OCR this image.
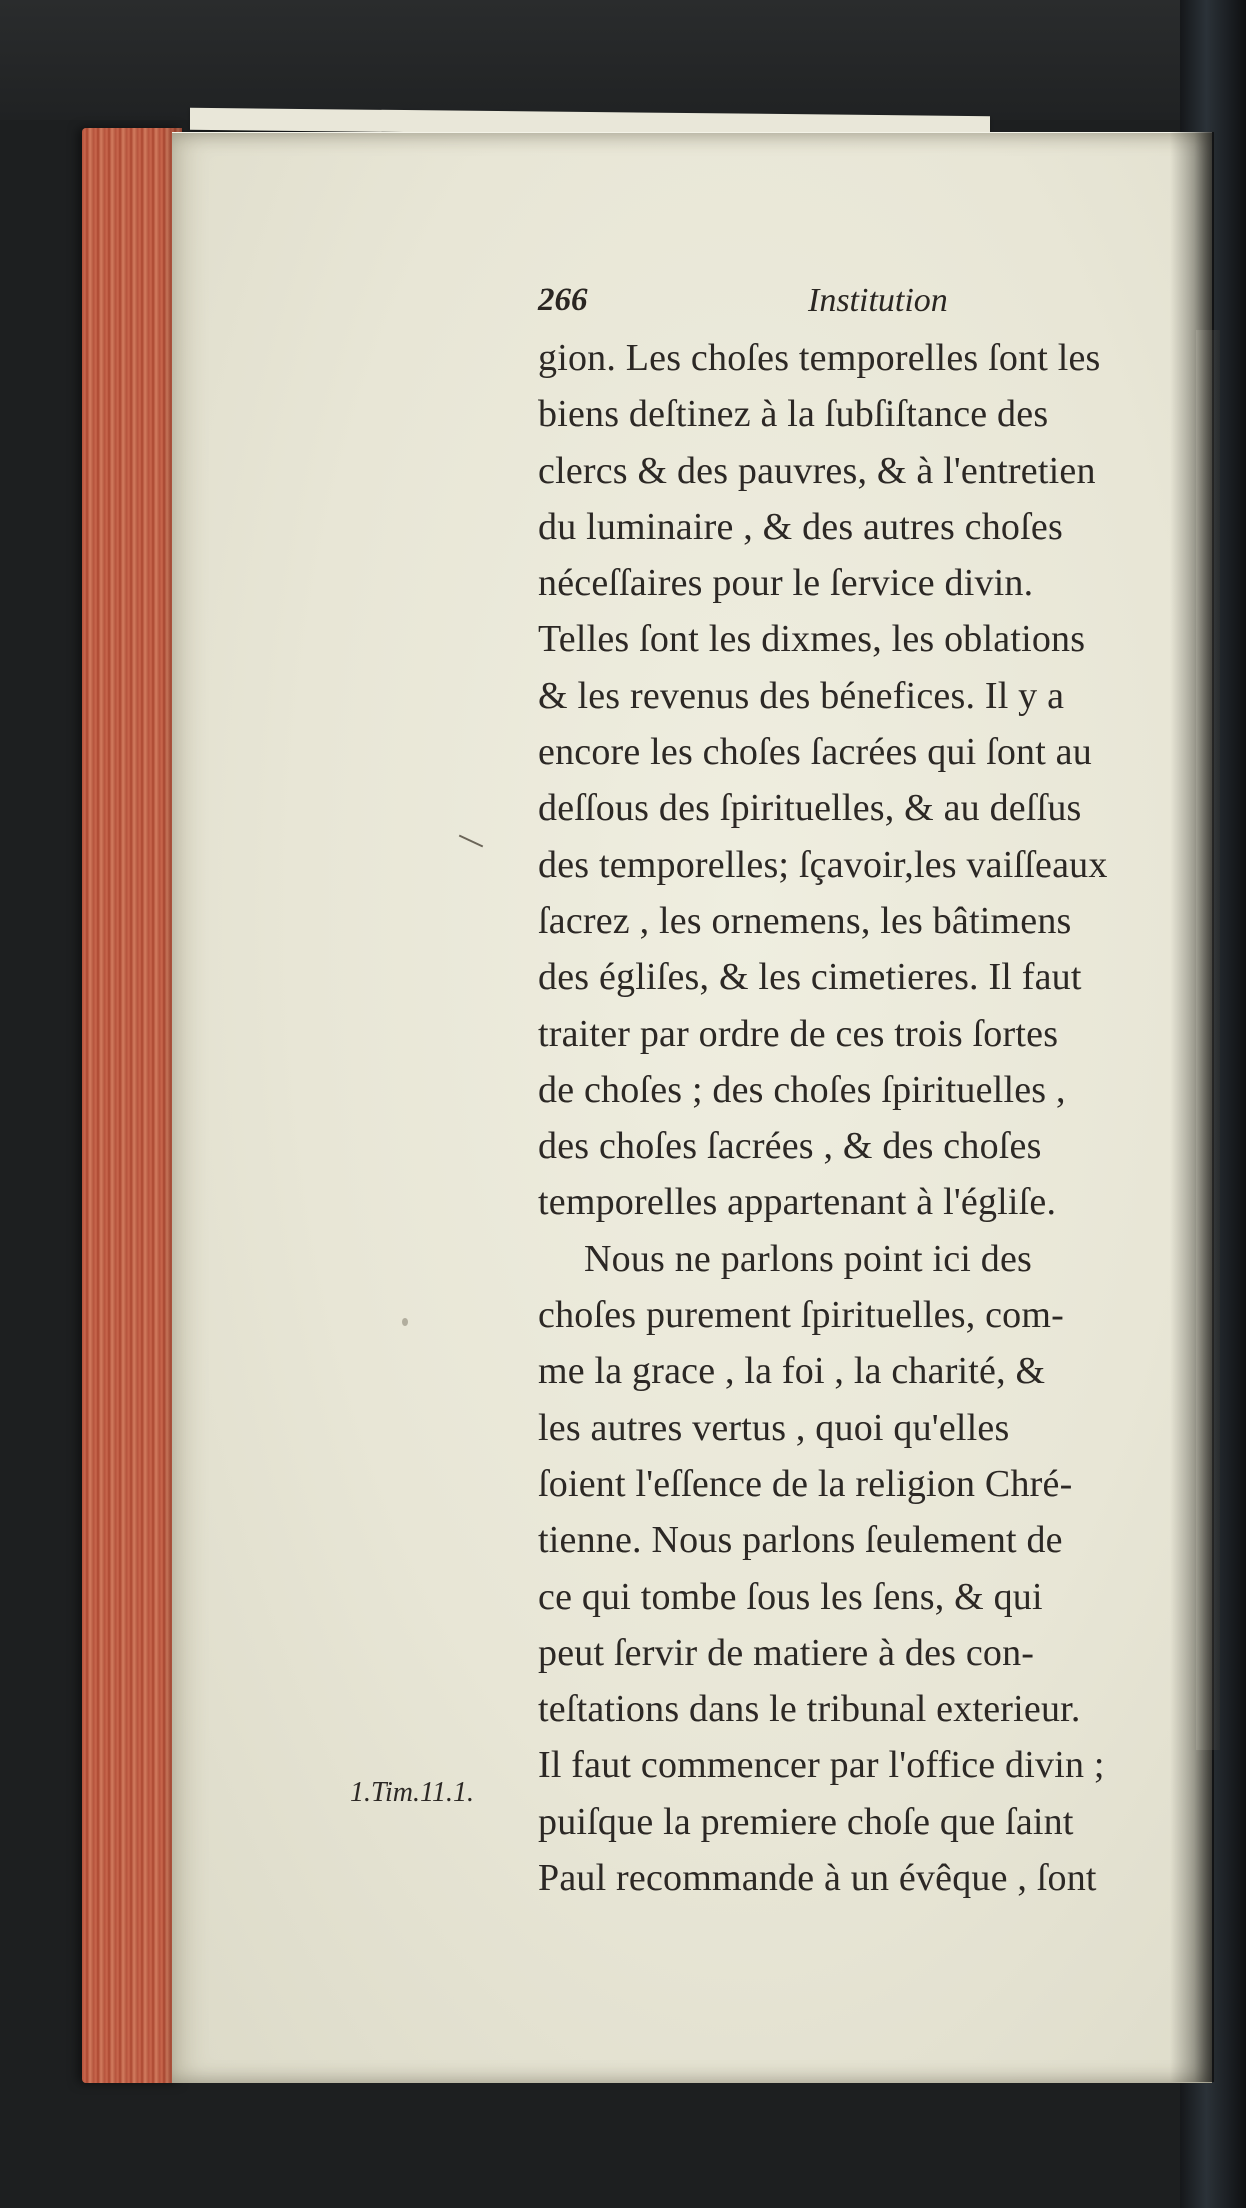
266	Institution
gion. Les choſes temporelles ſont les
biens deſtinez à la ſubſiſtance des
clercs & des pauvres, & à l'entretien
du luminaire , & des autres choſes
néceſſaires pour le ſervice divin.
Telles ſont les dixmes, les oblations
& les revenus des bénefices. Il y a
encore les choſes ſacrées qui ſont au
deſſous des ſpirituelles, & au deſſus
des temporelles; ſçavoir,les vaiſſeaux
ſacrez , les ornemens, les bâtimens
des égliſes, & les cimetieres. Il faut
traiter par ordre de ces trois ſortes
de choſes ; des choſes ſpirituelles ,
des choſes ſacrées , & des choſes
temporelles appartenant à l'égliſe.
Nous ne parlons point ici des
choſes purement ſpirituelles, com-
me la grace , la foi , la charité, &
les autres vertus , quoi qu'elles
ſoient l'eſſence de la religion Chré-
tienne. Nous parlons ſeulement de
ce qui tombe ſous les ſens, & qui
peut ſervir de matiere à des con-
teſtations dans le tribunal exterieur.
Il faut commencer par l'office divin ;
puiſque la premiere choſe que ſaint
Paul recommande à un évêque , ſont
1.Tim.11.1.
